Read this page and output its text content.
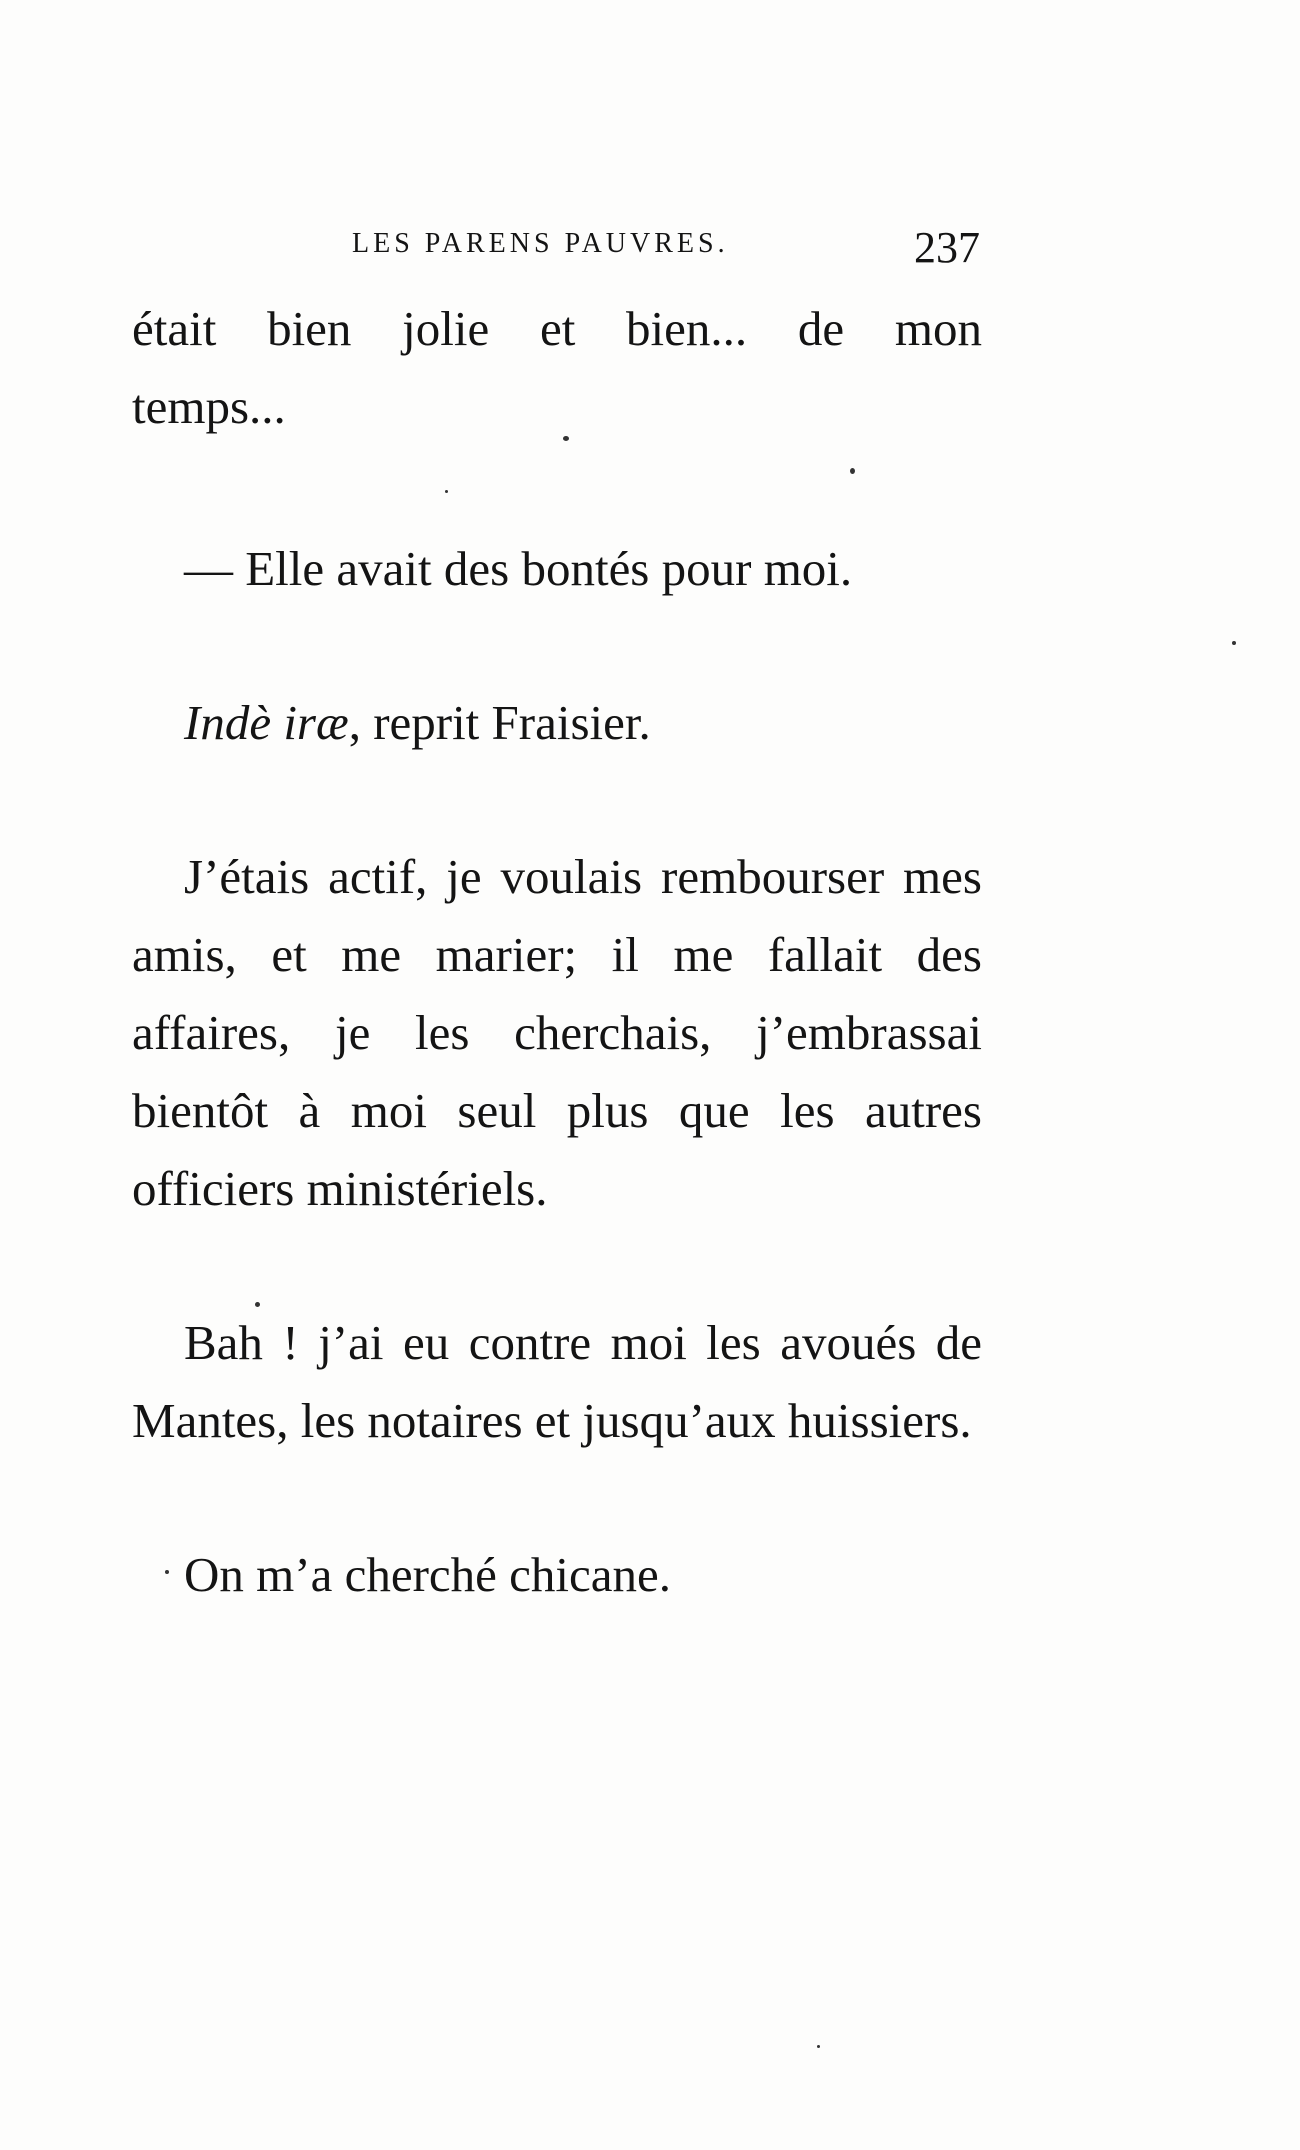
LES PARENS PAUVRES.	237

était bien jolie et bien... de mon

temps...

— Elle avait des bontés pour moi.

Indè iræ, reprit Fraisier.

J’étais actif, je voulais rembourser mes amis, et me marier; il me fallait des affaires, je les cherchais, j’embrassai bientôt à moi seul plus que les autres officiers ministériels.

Bah ! j’ai eu contre moi les avoués de Mantes, les notaires et jusqu’aux huissiers.

On m’a cherché chicane.
